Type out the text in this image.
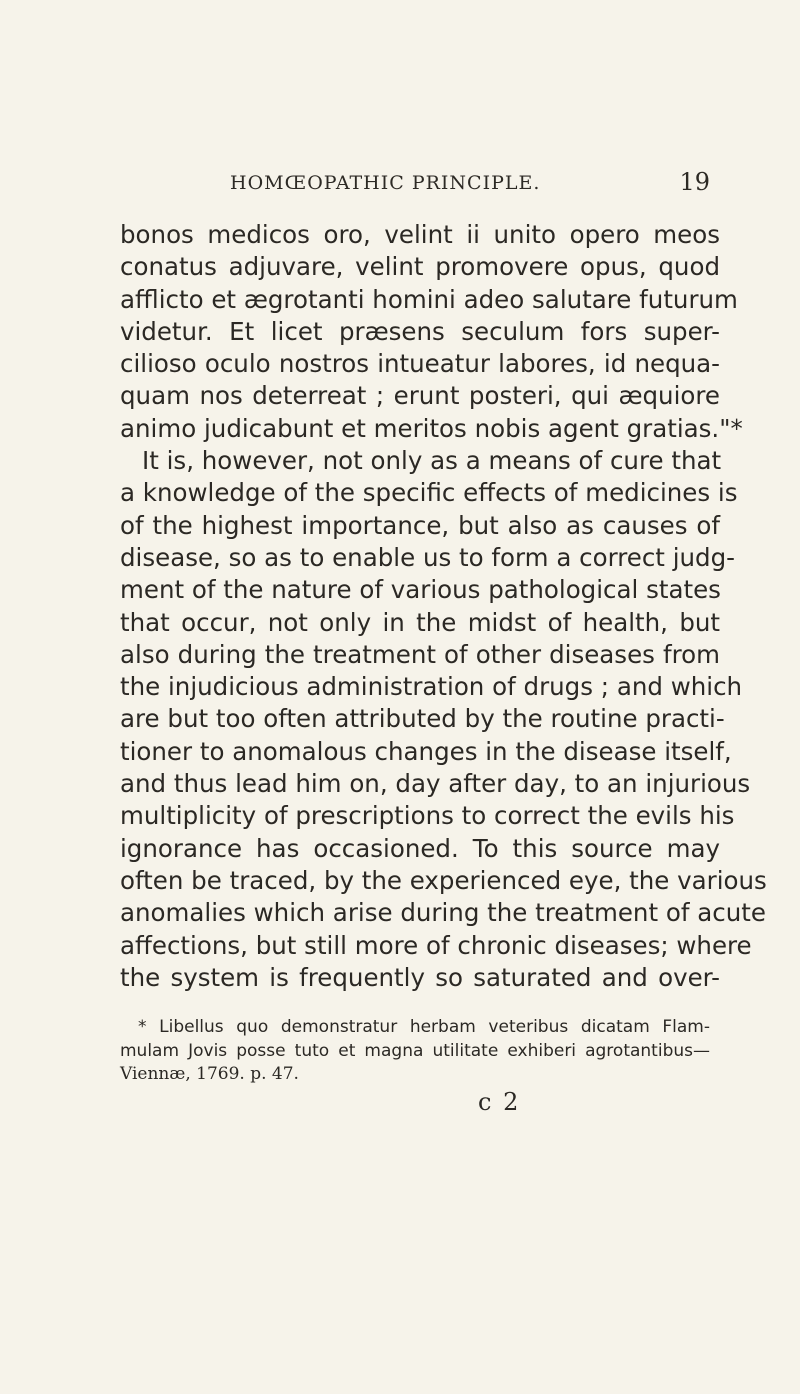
HOMŒOPATHIC PRINCIPLE.	19
bonos medicos oro, velint ii unito opero meos
conatus adjuvare, velint promovere opus, quod
afflicto et ægrotanti homini adeo salutare futurum
videtur. Et licet præsens seculum fors super-
cilioso oculo nostros intueatur labores, id nequa-
quam nos deterreat ; erunt posteri, qui æquiore
animo judicabunt et meritos nobis agent gratias."*
It is, however, not only as a means of cure that
a knowledge of the specific effects of medicines is
of the highest importance, but also as causes of
disease, so as to enable us to form a correct judg-
ment of the nature of various pathological states
that occur, not only in the midst of health, but
also during the treatment of other diseases from
the injudicious administration of drugs ; and which
are but too often attributed by the routine practi-
tioner to anomalous changes in the disease itself,
and thus lead him on, day after day, to an injurious
multiplicity of prescriptions to correct the evils his
ignorance has occasioned. To this source may
often be traced, by the experienced eye, the various
anomalies which arise during the treatment of acute
affections, but still more of chronic diseases; where
the system is frequently so saturated and over-
* Libellus quo demonstratur herbam veteribus dicatam Flam-
mulam Jovis posse tuto et magna utilitate exhiberi agrotantibus—
Viennæ, 1769. p. 47.
c 2
